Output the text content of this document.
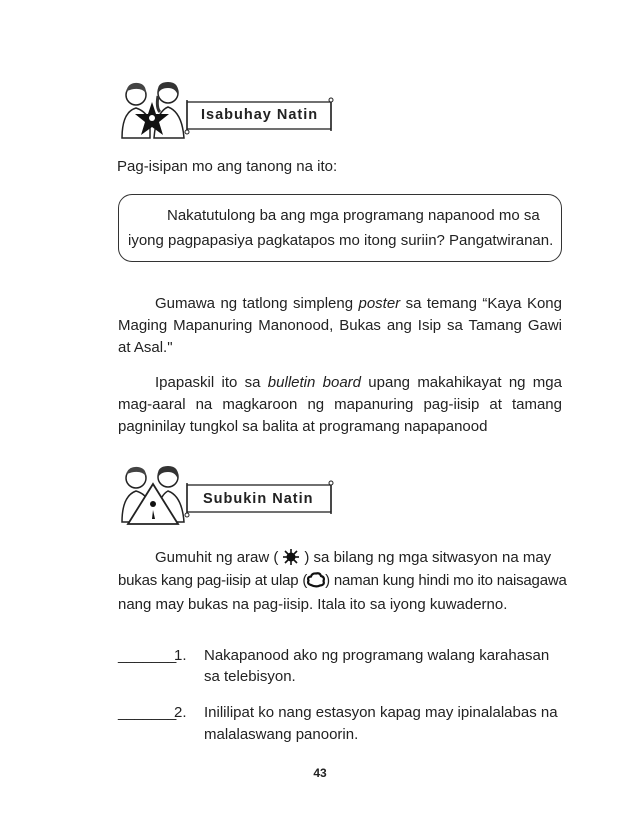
Isabuhay Natin
Pag-isipan mo ang tanong na ito:
Nakatutulong ba ang mga programang napanood mo sa
iyong pagpapasiya pagkatapos mo itong suriin? Pangatwiranan.
Gumawa ng tatlong simpleng poster sa temang “Kaya Kong Maging Mapanuring Manonood, Bukas ang Isip sa Tamang Gawi at Asal."
Ipapaskil ito sa bulletin board upang makahikayat ng mga mag-aaral na magkaroon ng mapanuring pag-iisip at tamang pagninilay tungkol sa balita at programang napapanood
Subukin Natin
Gumuhit ng araw ( ) sa bilang ng mga sitwasyon na may
bukas kang pag-iisip at ulap ( ) naman kung hindi mo ito naisagawa
nang may bukas na pag-iisip. Itala ito sa iyong kuwaderno.
_______
1. Nakapanood ako ng programang walang karahasan
sa telebisyon.
_______
2. Inililipat ko nang estasyon kapag may ipinalalabas na
malalaswang panoorin.
43
